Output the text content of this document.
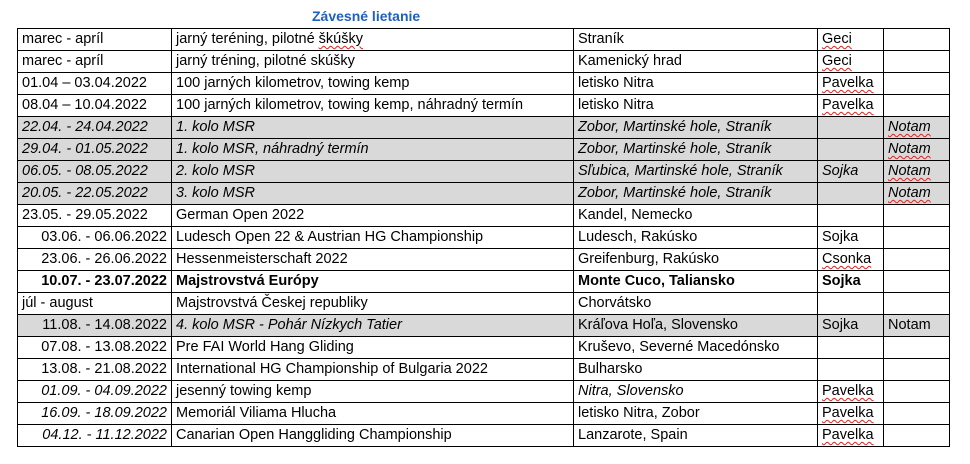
Závesné lietanie
marec - apríl	jarný teréning, pilotné škúšky	Straník	Geci	
marec - apríl	jarný tréning, pilotné skúšky	Kamenický hrad	Geci	
01.04 – 03.04.2022	100 jarných kilometrov, towing kemp	letisko Nitra	Pavelka	
08.04 – 10.04.2022	100 jarných kilometrov, towing kemp, náhradný termín	letisko Nitra	Pavelka	
22.04. - 24.04.2022	1. kolo MSR	Zobor, Martinské hole, Straník		Notam
29.04. - 01.05.2022	1. kolo MSR, náhradný termín	Zobor, Martinské hole, Straník		Notam
06.05. - 08.05.2022	2. kolo MSR	Sľubica, Martinské hole, Straník	Sojka	Notam
20.05. - 22.05.2022	3. kolo MSR	Zobor, Martinské hole, Straník		Notam
23.05. - 29.05.2022	German Open 2022	Kandel, Nemecko		
03.06. - 06.06.2022	Ludesch Open 22 & Austrian HG Championship	Ludesch, Rakúsko	Sojka	
23.06. - 26.06.2022	Hessenmeisterschaft 2022	Greifenburg, Rakúsko	Csonka	
10.07. - 23.07.2022	Majstrovstvá Európy	Monte Cuco, Taliansko	Sojka	
júl - august	Majstrovstvá Českej republiky	Chorvátsko		
11.08. - 14.08.2022	4. kolo MSR - Pohár Nízkych Tatier	Kráľova Hoľa, Slovensko	Sojka	Notam
07.08. - 13.08.2022	Pre FAI World Hang Gliding	Kruševo, Severné Macedónsko		
13.08. - 21.08.2022	International HG Championship of Bulgaria 2022	Bulharsko		
01.09. - 04.09.2022	jesenný towing kemp	Nitra, Slovensko	Pavelka	
16.09. - 18.09.2022	Memoriál Viliama Hlucha	letisko Nitra, Zobor	Pavelka	
04.12. - 11.12.2022	Canarian Open Hanggliding Championship	Lanzarote, Spain	Pavelka	
